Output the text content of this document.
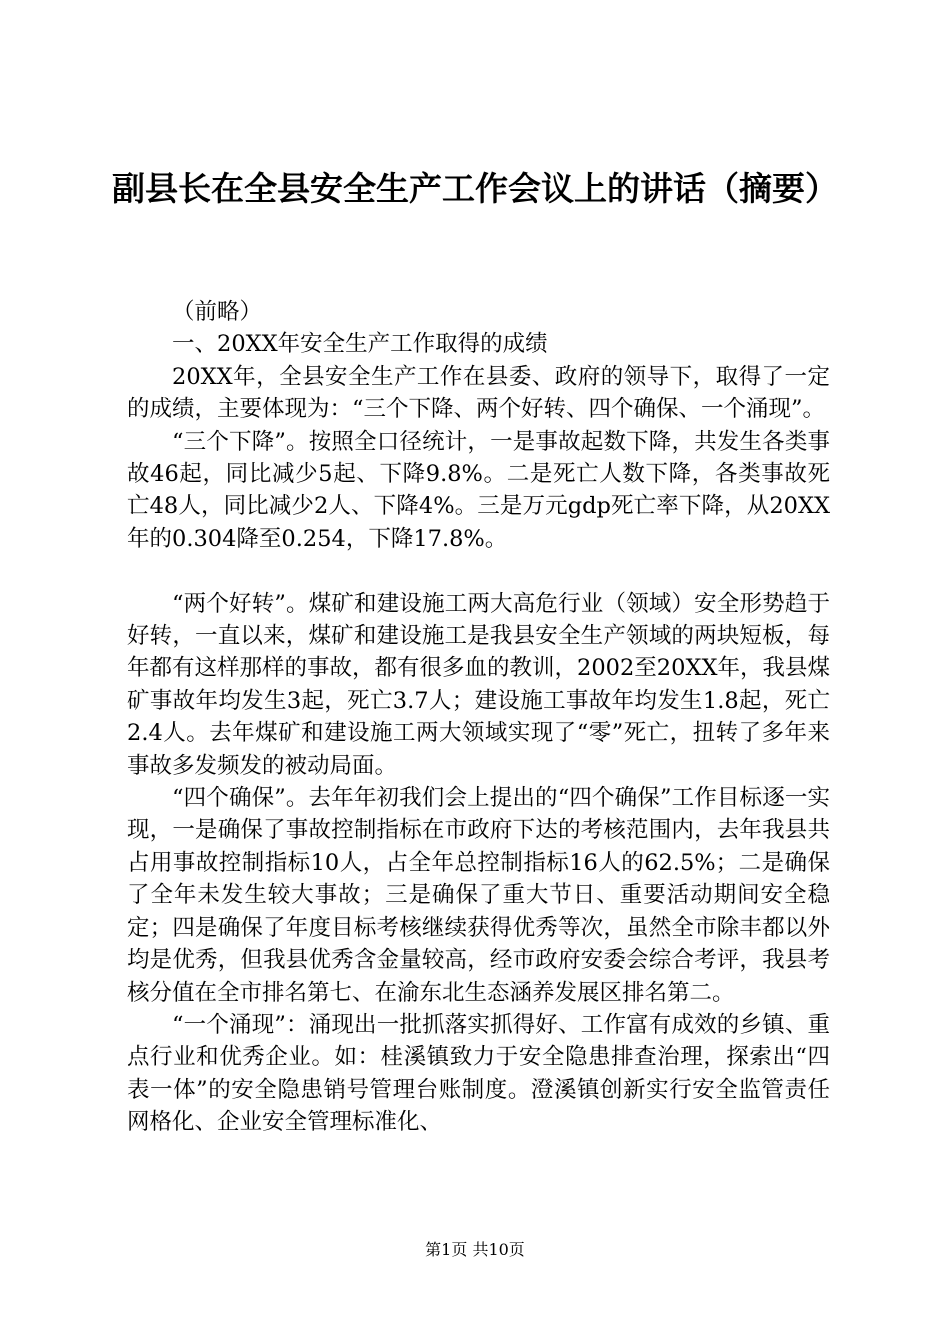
副县长在全县安全生产工作会议上的讲话（摘要）

（前略）

一、20XX年安全生产工作取得的成绩

20XX年，全县安全生产工作在县委、政府的领导下，取得了一定的成绩，主要体现为：“三个下降、两个好转、四个确保、一个涌现”。

“三个下降”。按照全口径统计，一是事故起数下降，共发生各类事故46起，同比减少5起、下降9.8%。二是死亡人数下降，各类事故死亡48人，同比减少2人、下降4%。三是万元gdp死亡率下降，从20XX年的0.304降至0.254，下降17.8%。

“两个好转”。煤矿和建设施工两大高危行业（领域）安全形势趋于好转，一直以来，煤矿和建设施工是我县安全生产领域的两块短板，每年都有这样那样的事故，都有很多血的教训，2002至20XX年，我县煤矿事故年均发生3起，死亡3.7人；建设施工事故年均发生1.8起，死亡2.4人。去年煤矿和建设施工两大领域实现了“零”死亡，扭转了多年来事故多发频发的被动局面。

“四个确保”。去年年初我们会上提出的“四个确保”工作目标逐一实现，一是确保了事故控制指标在市政府下达的考核范围内，去年我县共占用事故控制指标10人，占全年总控制指标16人的62.5%；二是确保了全年未发生较大事故；三是确保了重大节日、重要活动期间安全稳定；四是确保了年度目标考核继续获得优秀等次，虽然全市除丰都以外均是优秀，但我县优秀含金量较高，经市政府安委会综合考评，我县考核分值在全市排名第七、在渝东北生态涵养发展区排名第二。

“一个涌现”：涌现出一批抓落实抓得好、工作富有成效的乡镇、重点行业和优秀企业。如：桂溪镇致力于安全隐患排查治理，探索出“四表一体”的安全隐患销号管理台账制度。澄溪镇创新实行安全监管责任网格化、企业安全管理标准化、

第1页 共10页
